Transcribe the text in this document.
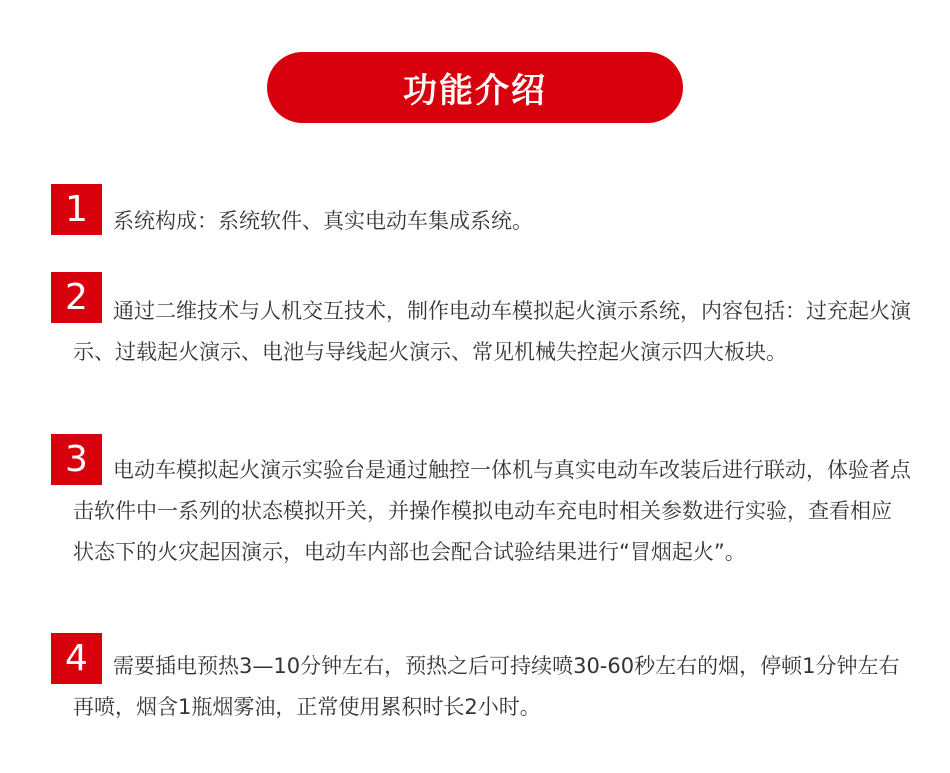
功能介绍
1	系统构成：系统软件、真实电动车集成系统。

2	通过二维技术与人机交互技术，制作电动车模拟起火演示系统，内容包括：过充起火演示、过载起火演示、电池与导线起火演示、常见机械失控起火演示四大板块。

3	电动车模拟起火演示实验台是通过触控一体机与真实电动车改装后进行联动，体验者点击软件中一系列的状态模拟开关，并操作模拟电动车充电时相关参数进行实验，查看相应状态下的火灾起因演示，电动车内部也会配合试验结果进行“冒烟起火”。

4	需要插电预热3—10分钟左右，预热之后可持续喷30-60秒左右的烟，停顿1分钟左右再喷，烟含1瓶烟雾油，正常使用累积时长2小时。
